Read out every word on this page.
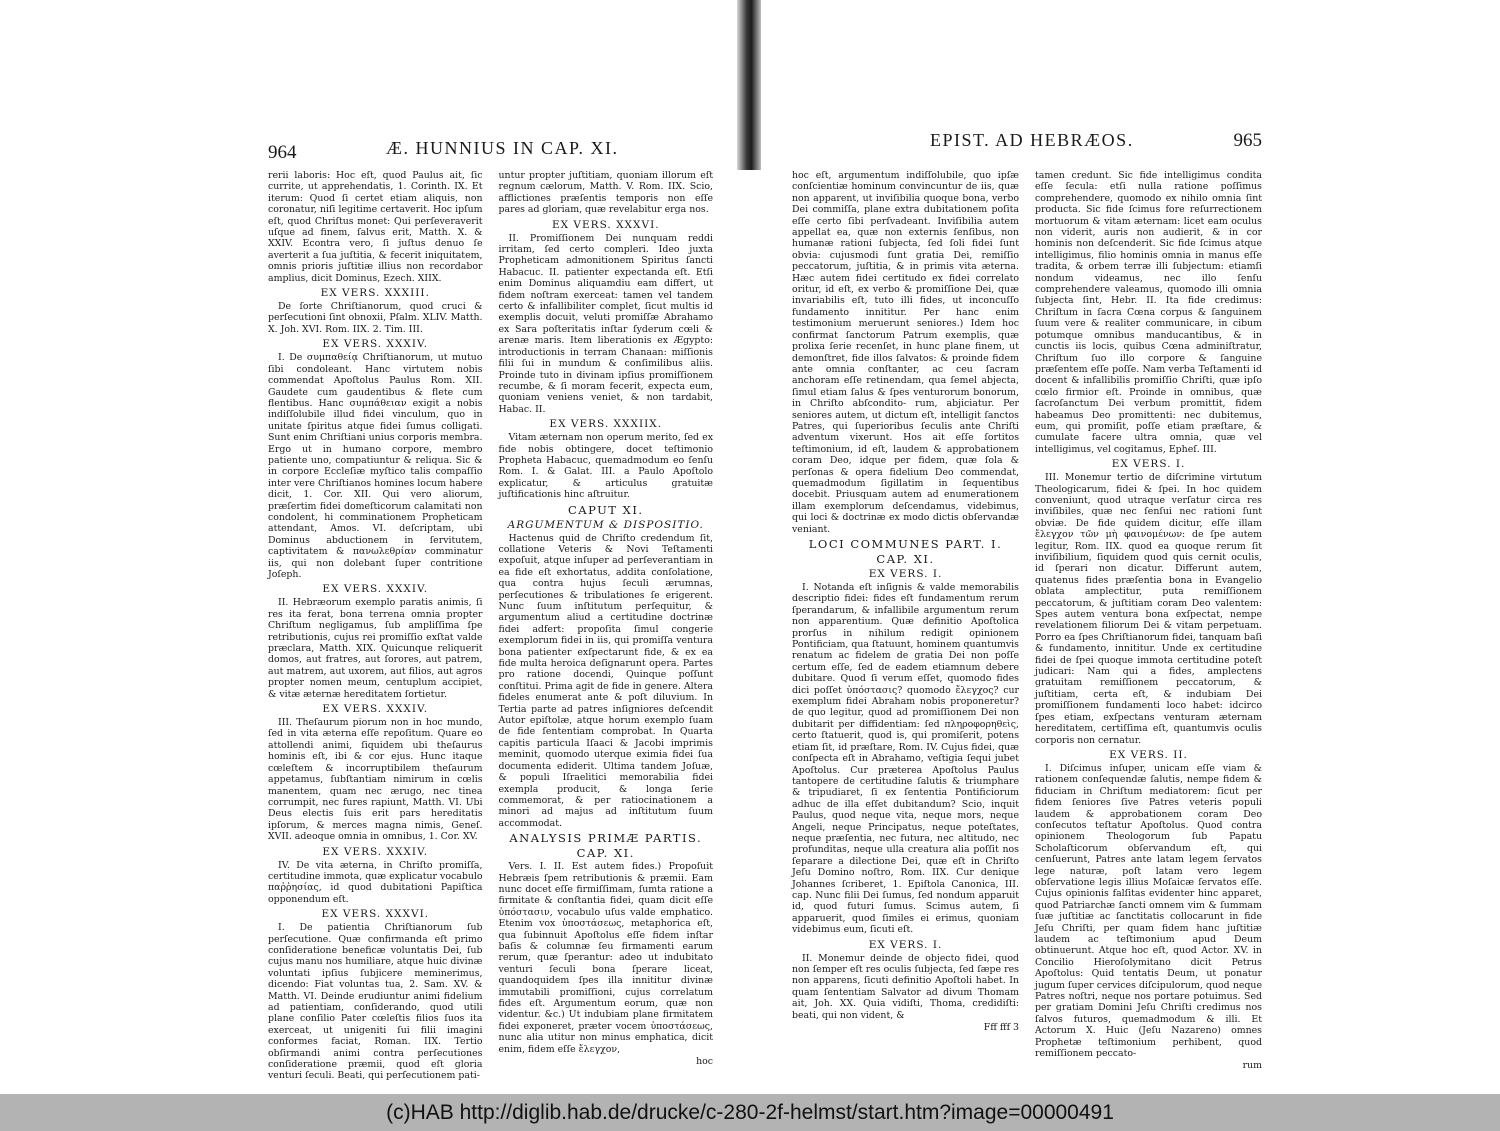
964	Æ. HUNNIUS IN CAP. XI.

rerii laboris: Hoc eſt, quod Paulus ait, ſic currite, ut apprehendatis, 1. Corinth. IX. Et iterum: Quod ſi certet etiam aliquis, non coronatur, niſi legitime certaverit. Hoc ipſum eſt, quod Chriſtus monet: Qui perſeveraverit uſque ad finem, ſalvus erit, Matth. X. & XXIV. Econtra vero, ſi juſtus denuo ſe averterit a ſua juſtitia, & fecerit iniquitatem, omnis prioris juſtitiæ illius non recordabor amplius, dicit Dominus, Ezech. XIIX.

EX VERS. XXXIII.

De ſorte Chriſtianorum, quod cruci & perſecutioni ſint obnoxii, Pſalm. XLIV. Matth. X. Joh. XVI. Rom. IIX. 2. Tim. III.

EX VERS. XXXIV.

I. De συμπαθείᾳ Chriſtianorum, ut mutuo ſibi condoleant. Hanc virtutem nobis commendat Apoſtolus Paulus Rom. XII. Gaudete cum gaudentibus & flete cum flentibus. Hanc συμπάθειαν exigit a nobis indiſſolubile illud fidei vinculum, quo in unitate ſpiritus atque fidei ſumus colligati. Sunt enim Chriſtiani unius corporis membra. Ergo ut in humano corpore, membro patiente uno, compatiuntur & reliqua. Sic & in corpore Eccleſiæ myſtico talis compaſſio inter vere Chriſtianos homines locum habere dicit, 1. Cor. XII. Qui vero aliorum, præſertim fidei domeſticorum calamitati non condolent, hi comminationem Propheticam attendant, Amos. VI. deſcriptam, ubi Dominus abductionem in ſervitutem, captivitatem & πανωλεθρίαν comminatur iis, qui non dolebant ſuper contritione Joſeph.

EX VERS. XXXIV.

II. Hebræorum exemplo paratis animis, ſi res ita ferat, bona terrena omnia propter Chriſtum negligamus, ſub ampliſſima ſpe retributionis, cujus rei promiſſio exſtat valde præclara, Matth. XIX. Quicunque reliquerit domos, aut fratres, aut ſorores, aut patrem, aut matrem, aut uxorem, aut filios, aut agros propter nomen meum, centuplum accipiet, & vitæ æternæ hereditatem ſortietur.

EX VERS. XXXIV.

III. Theſaurum piorum non in hoc mundo, ſed in vita æterna eſſe repoſitum. Quare eo attollendi animi, ſiquidem ubi theſaurus hominis eſt, ibi & cor ejus. Hunc itaque cœleſtem & incorruptibilem theſaurum appetamus, ſubſtantiam nimirum in cœlis manentem, quam nec ærugo, nec tinea corrumpit, nec fures rapiunt, Matth. VI. Ubi Deus electis ſuis erit pars hereditatis ipſorum, & merces magna nimis, Geneſ. XVII. adeoque omnia in omnibus, 1. Cor. XV.

EX VERS. XXXIV.

IV. De vita æterna, in Chriſto promiſſa, certitudine immota, quæ explicatur vocabulo παῤῥησίας, id quod dubitationi Papiſtica opponendum eſt.

EX VERS. XXXVI.

I. De patientia Chriſtianorum ſub perſecutione. Quæ confirmanda eſt primo conſideratione beneficæ voluntatis Dei, ſub cujus manu nos humiliare, atque huic divinæ voluntati ipſius ſubjicere meminerimus, dicendo: Fiat voluntas tua, 2. Sam. XV. & Matth. VI. Deinde erudiuntur animi fidelium ad patientiam, conſiderando, quod utili plane conſilio Pater cœleſtis filios ſuos ita exerceat, ut unigeniti ſui filii imagini conformes faciat, Roman. IIX. Tertio obſirmandi animi contra perſecutiones conſideratione præmii, quod eſt gloria venturi ſeculi. Beati, qui perſecutionem pati-

untur propter juſtitiam, quoniam illorum eſt regnum cælorum, Matth. V. Rom. IIX. Scio, afflictiones præſentis temporis non eſſe pares ad gloriam, quæ revelabitur erga nos.

EX VERS. XXXVI.

II. Promiſſionem Dei nunquam reddi irritam, ſed certo compleri. Ideo juxta Propheticam admonitionem Spiritus ſancti Habacuc. II. patienter expectanda eſt. Etſi enim Dominus aliquamdiu eam differt, ut fidem noſtram exerceat: tamen vel tandem certo & infallibiliter complet, ſicut multis id exemplis docuit, veluti promiſſæ Abrahamo ex Sara poſteritatis inſtar ſyderum cœli & arenæ maris. Item liberationis ex Ægypto: introductionis in terram Chanaan: miſſionis filii ſui in mundum & conſimilibus aliis. Proinde tuto in divinam ipſius promiſſionem recumbe, & ſi moram fecerit, expecta eum, quoniam veniens veniet, & non tardabit, Habac. II.

EX VERS. XXXIIX.

Vitam æternam non operum merito, ſed ex fide nobis obtingere, docet teſtimonio Propheta Habacuc, quemadmodum eo ſenſu Rom. I. & Galat. III. a Paulo Apoſtolo explicatur, & articulus gratuitæ juſtificationis hinc aſtruitur.

CAPUT XI.
ARGUMENTUM & DISPOSITIO.

Hactenus quid de Chriſto credendum ſit, collatione Veteris & Novi Teſtamenti expoſuit, atque inſuper ad perſeverantiam in ea fide eſt exhortatus, addita conſolatione, qua contra hujus ſeculi ærumnas, perſecutiones & tribulationes ſe erigerent. Nunc ſuum inſtitutum perſequitur, & argumentum aliud a certitudine doctrinæ fidei adfert: propoſita ſimul congerie exemplorum fidei in iis, qui promiſſa ventura bona patienter exſpectarunt fide, & ex ea fide multa heroica deſignarunt opera. Partes pro ratione docendi, Quinque poſſunt conſtitui. Prima agit de fide in genere. Altera fideles enumerat ante & poſt diluvium. In Tertia parte ad patres inſigniores deſcendit Autor epiſtolæ, atque horum exemplo ſuam de fide ſententiam comprobat. In Quarta capitis particula Iſaaci & Jacobi imprimis meminit, quomodo uterque eximia fidei ſua documenta ediderit. Ultima tandem Joſuæ, & populi Iſraelitici memorabilia fidei exempla producit, & longa ſerie commemorat, & per ratiocinationem a minori ad majus ad inſtitutum ſuum accommodat.

ANALYSIS PRIMÆ PARTIS.
CAP. XI.

Vers. I. II. Est autem fides.) Propoſuit Hebræis ſpem retributionis & præmii. Eam nunc docet eſſe firmiſſimam, ſumta ratione a firmitate & conſtantia fidei, quam dicit eſſe ὑπόστασιν, vocabulo uſus valde emphatico. Etenim vox ὑποστάσεως, metaphorica eſt, qua ſubinnuit Apoſtolus eſſe fidem inſtar baſis & columnæ ſeu firmamenti earum rerum, quæ ſperantur: adeo ut indubitato venturi ſeculi bona ſperare liceat, quandoquidem ſpes illa innititur divinæ immutabili promiſſioni, cujus correlatum fides eſt. Argumentum eorum, quæ non videntur. &c.) Ut indubiam plane firmitatem fidei exponeret, præter vocem ὑποστάσεως, nunc alia utitur non minus emphatica, dicit enim, fidem eſſe ἔλεγχον,

hoc
EPIST. AD HEBRÆOS.	965

hoc eſt, argumentum indiſſolubile, quo ipſæ conſcientiæ hominum convincuntur de iis, quæ non apparent, ut inviſibilia quoque bona, verbo Dei commiſſa, plane extra dubitationem poſita eſſe certo ſibi perſvadeant. Inviſibilia autem appellat ea, quæ non externis ſenſibus, non humanæ rationi ſubjecta, ſed ſoli fidei ſunt obvia: cujusmodi ſunt gratia Dei, remiſſio peccatorum, juſtitia, & in primis vita æterna. Hæc autem fidei certitudo ex fidei correlato oritur, id eſt, ex verbo & promiſſione Dei, quæ invariabilis eſt, tuto illi fides, ut inconcuſſo fundamento innititur. Per hanc enim testimonium meruerunt seniores.) Idem hoc confirmat ſanctorum Patrum exemplis, quæ prolixa ſerie recenſet, in hunc plane finem, ut demonſtret, fide illos ſalvatos: & proinde fidem ante omnia conſtanter, ac ceu ſacram anchoram eſſe retinendam, qua ſemel abjecta, ſimul etiam ſalus & ſpes venturorum bonorum, in Chriſto abſcondito- rum, abjiciatur. Per seniores autem, ut dictum eſt, intelligit ſanctos Patres, qui ſuperioribus ſeculis ante Chriſti adventum vixerunt. Hos ait eſſe ſortitos teſtimonium, id eſt, laudem & approbationem coram Deo, idque per fidem, quæ ſola & perſonas & opera fidelium Deo commendat, quemadmodum ſigillatim in ſequentibus docebit. Priusquam autem ad enumerationem illam exemplorum deſcendamus, videbimus, qui loci & doctrinæ ex modo dictis obſervandæ veniant.

LOCI COMMUNES PART. I.
CAP. XI.
EX VERS. I.

I. Notanda eſt inſignis & valde memorabilis descriptio fidei: fides eſt fundamentum rerum ſperandarum, & infallibile argumentum rerum non apparentium. Quæ definitio Apoſtolica prorſus in nihilum redigit opinionem Pontificiam, qua ſtatuunt, hominem quantumvis renatum ac fidelem de gratia Dei non poſſe certum eſſe, ſed de eadem etiamnum debere dubitare. Quod ſi verum eſſet, quomodo fides dici poſſet ὑπόστασις? quomodo ἔλεγχος? cur exemplum fidei Abraham nobis proponeretur? de quo legitur, quod ad promiſſionem Dei non dubitarit per diffidentiam: ſed πληροφορηθεὶς, certo ſtatuerit, quod is, qui promiſerit, potens etiam ſit, id præſtare, Rom. IV. Cujus fidei, quæ conſpecta eſt in Abrahamo, veſtigia ſequi jubet Apoſtolus. Cur præterea Apoſtolus Paulus tantopere de certitudine ſalutis & triumphare & tripudiaret, ſi ex ſententia Pontificiorum adhuc de illa eſſet dubitandum? Scio, inquit Paulus, quod neque vita, neque mors, neque Angeli, neque Principatus, neque poteſtates, neque præſentia, nec futura, nec altitudo, nec profunditas, neque ulla creatura alia poſſit nos ſeparare a dilectione Dei, quæ eſt in Chriſto Jeſu Domino noſtro, Rom. IIX. Cur denique Johannes ſcriberet, 1. Epiſtola Canonica, III. cap. Nunc filii Dei ſumus, ſed nondum apparuit id, quod futuri ſumus. Scimus autem, ſi apparuerit, quod ſimiles ei erimus, quoniam videbimus eum, ſicuti eſt.

EX VERS. I.

II. Monemur deinde de objecto fidei, quod non ſemper eſt res oculis ſubjecta, ſed ſæpe res non apparens, ſicuti definitio Apoſtoli habet. In quam ſententiam Salvator ad divum Thomam ait, Joh. XX. Quia vidiſti, Thoma, credidiſti: beati, qui non vident, &

Fff fff 3

tamen credunt. Sic fide intelligimus condita eſſe ſecula: etſi nulla ratione poſſimus comprehendere, quomodo ex nihilo omnia ſint producta. Sic fide ſcimus fore reſurrectionem mortuorum & vitam æternam: licet eam oculus non viderit, auris non audierit, & in cor hominis non deſcenderit. Sic fide ſcimus atque intelligimus, filio hominis omnia in manus eſſe tradita, & orbem terræ illi ſubjectum: etiamſi nondum videamus, nec illo ſenſu comprehendere valeamus, quomodo illi omnia ſubjecta ſint, Hebr. II. Ita fide credimus: Chriſtum in ſacra Cœna corpus & ſanguinem ſuum vere & realiter communicare, in cibum potumque omnibus manducantibus, & in cunctis iis locis, quibus Cœna adminiſtratur, Chriſtum ſuo illo corpore & ſanguine præſentem eſſe poſſe. Nam verba Teſtamenti id docent & infallibilis promiſſio Chriſti, quæ ipſo cœlo firmior eſt. Proinde in omnibus, quæ ſacroſanctum Dei verbum promittit, fidem habeamus Deo promittenti: nec dubitemus, eum, qui promiſit, poſſe etiam præſtare, & cumulate facere ultra omnia, quæ vel intelligimus, vel cogitamus, Epheſ. III.

EX VERS. I.

III. Monemur tertio de diſcrimine virtutum Theologicarum, fidei & ſpei. In hoc quidem conveniunt, quod utraque verſatur circa res inviſibiles, quæ nec ſenſui nec rationi ſunt obviæ. De fide quidem dicitur, eſſe illam ἔλεγχον τῶν μὴ φαινομένων: de ſpe autem legitur, Rom. IIX. quod ea quoque rerum ſit inviſibilium, ſiquidem quod quis cernit oculis, id ſperari non dicatur. Differunt autem, quatenus fides præſentia bona in Evangelio oblata amplectitur, puta remiſſionem peccatorum, & juſtitiam coram Deo valentem: Spes autem ventura bona exſpectat, nempe revelationem filiorum Dei & vitam perpetuam. Porro ea ſpes Chriſtianorum fidei, tanquam baſi & fundamento, innititur. Unde ex certitudine fidei de ſpei quoque immota certitudine poteſt judicari: Nam qui a fides, amplectens gratuitam remiſſionem peccatorum, & juſtitiam, certa eſt, & indubiam Dei promiſſionem fundamenti loco habet: idcirco ſpes etiam, exſpectans venturam æternam hereditatem, certiſſima eſt, quantumvis oculis corporis non cernatur.

EX VERS. II.

I. Diſcimus inſuper, unicam eſſe viam & rationem conſequendæ ſalutis, nempe fidem & fiduciam in Chriſtum mediatorem: ſicut per fidem ſeniores ſive Patres veteris populi laudem & approbationem coram Deo conſecutos teſtatur Apoſtolus. Quod contra opinionem Theologorum ſub Papatu Scholaſticorum obſervandum eſt, qui cenſuerunt, Patres ante latam legem ſervatos lege naturæ, poſt latam vero legem obſervatione legis illius Moſaicæ ſervatos eſſe. Cujus opinionis falſitas evidenter hinc apparet, quod Patriarchæ ſancti omnem vim & ſummam ſuæ juſtitiæ ac ſanctitatis collocarunt in fide Jeſu Chriſti, per quam fidem hanc juſtitiæ laudem ac teſtimonium apud Deum obtinuerunt. Atque hoc eſt, quod Actor. XV. in Concilio Hieroſolymitano dicit Petrus Apoſtolus: Quid tentatis Deum, ut ponatur jugum ſuper cervices diſcipulorum, quod neque Patres noſtri, neque nos portare potuimus. Sed per gratiam Domini Jeſu Chriſti credimus nos ſalvos futuros, quemadmodum & illi. Et Actorum X. Huic (Jeſu Nazareno) omnes Prophetæ teſtimonium perhibent, quod remiſſionem peccato-

rum
(c)HAB http://diglib.hab.de/drucke/c-280-2f-helmst/start.htm?image=00000491
